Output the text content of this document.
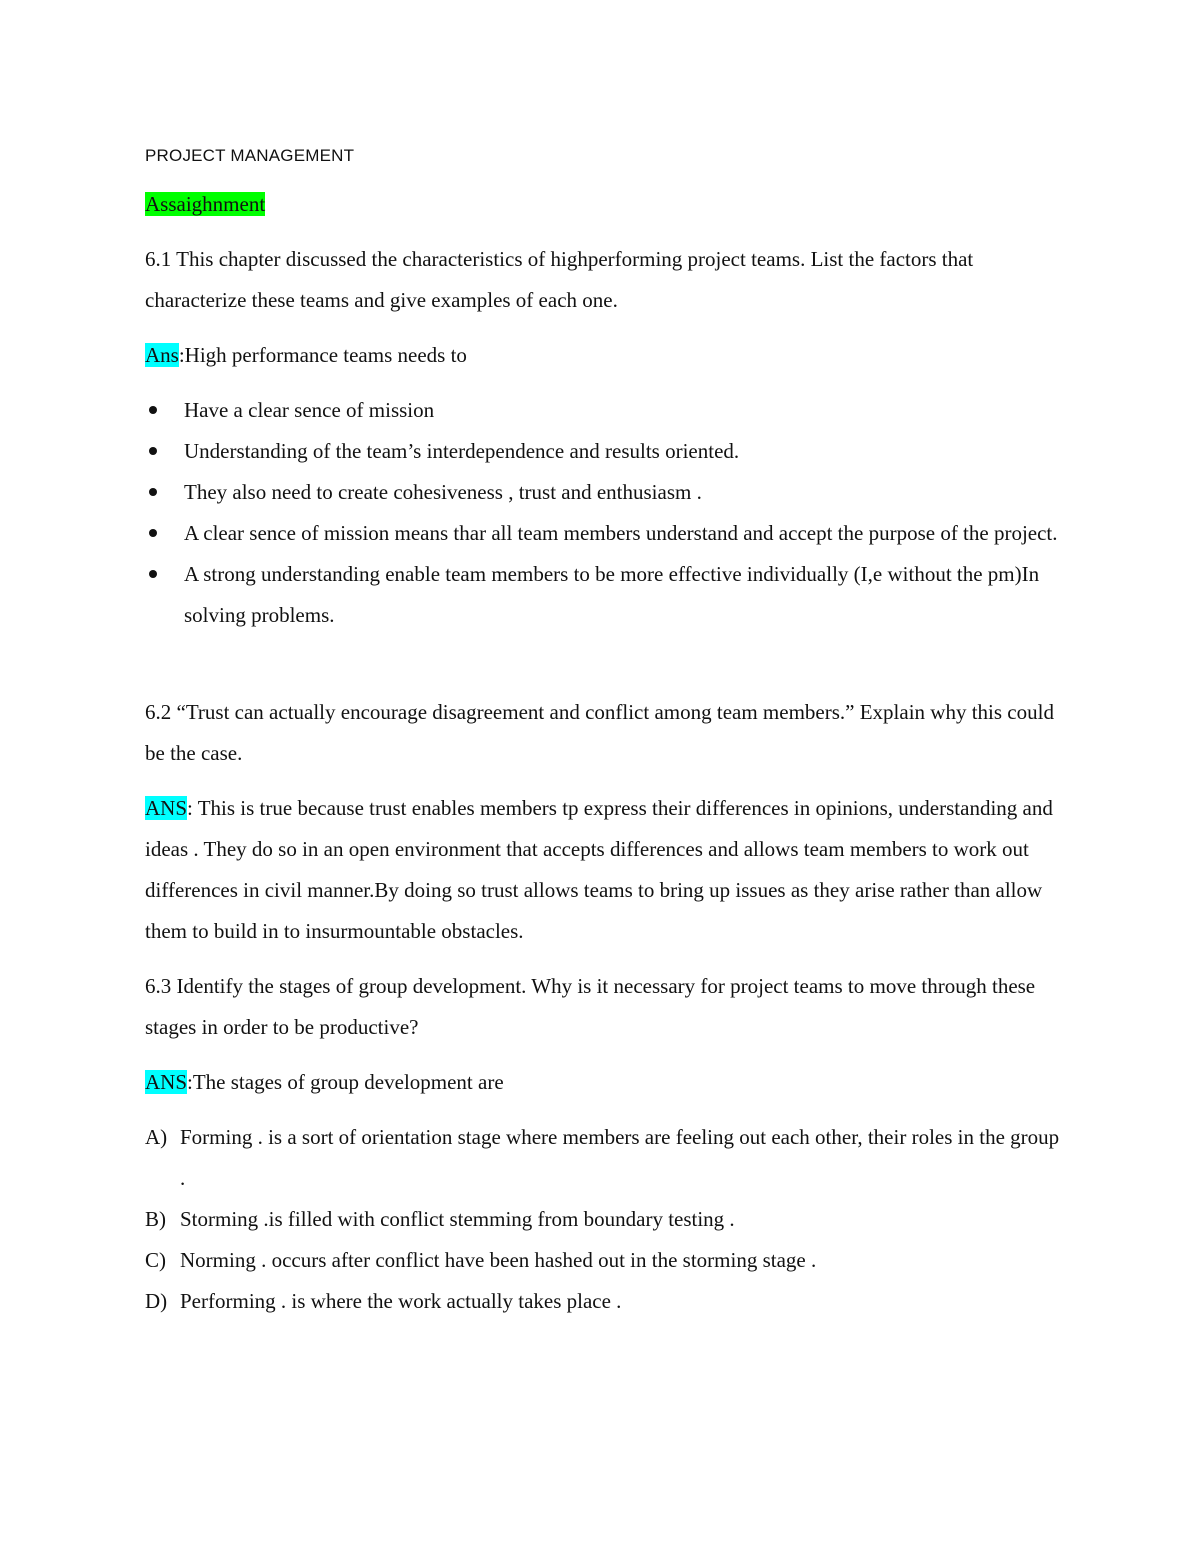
PROJECT MANAGEMENT

Assaighnment

6.1 This chapter discussed the characteristics of highperforming project teams. List the factors that characterize these teams and give examples of each one.

Ans:High performance teams needs to

Have a clear sence of mission
Understanding of the team’s interdependence and results oriented.
They also need to create cohesiveness , trust and enthusiasm .
A clear sence of mission means thar all team members understand and accept the purpose of the project.
A strong understanding enable team members to be more effective individually (I,e without the pm)In solving problems.

6.2 “Trust can actually encourage disagreement and conflict among team members.” Explain why this could be the case.

ANS: This is true because trust enables members tp express their differences in opinions, understanding and ideas . They do so in an open environment that accepts differences and allows team members to work out differences in civil manner.By doing so trust allows teams to bring up issues as they arise rather than allow them to build in to insurmountable obstacles.

6.3 Identify the stages of group development. Why is it necessary for project teams to move through these stages in order to be productive?

ANS:The stages of group development are

A) Forming . is a sort of orientation stage where members are feeling out each other, their roles in the group .
B) Storming .is filled with conflict stemming from boundary testing .
C) Norming . occurs after conflict have been hashed out in the storming stage .
D) Performing . is where the work actually takes place .
